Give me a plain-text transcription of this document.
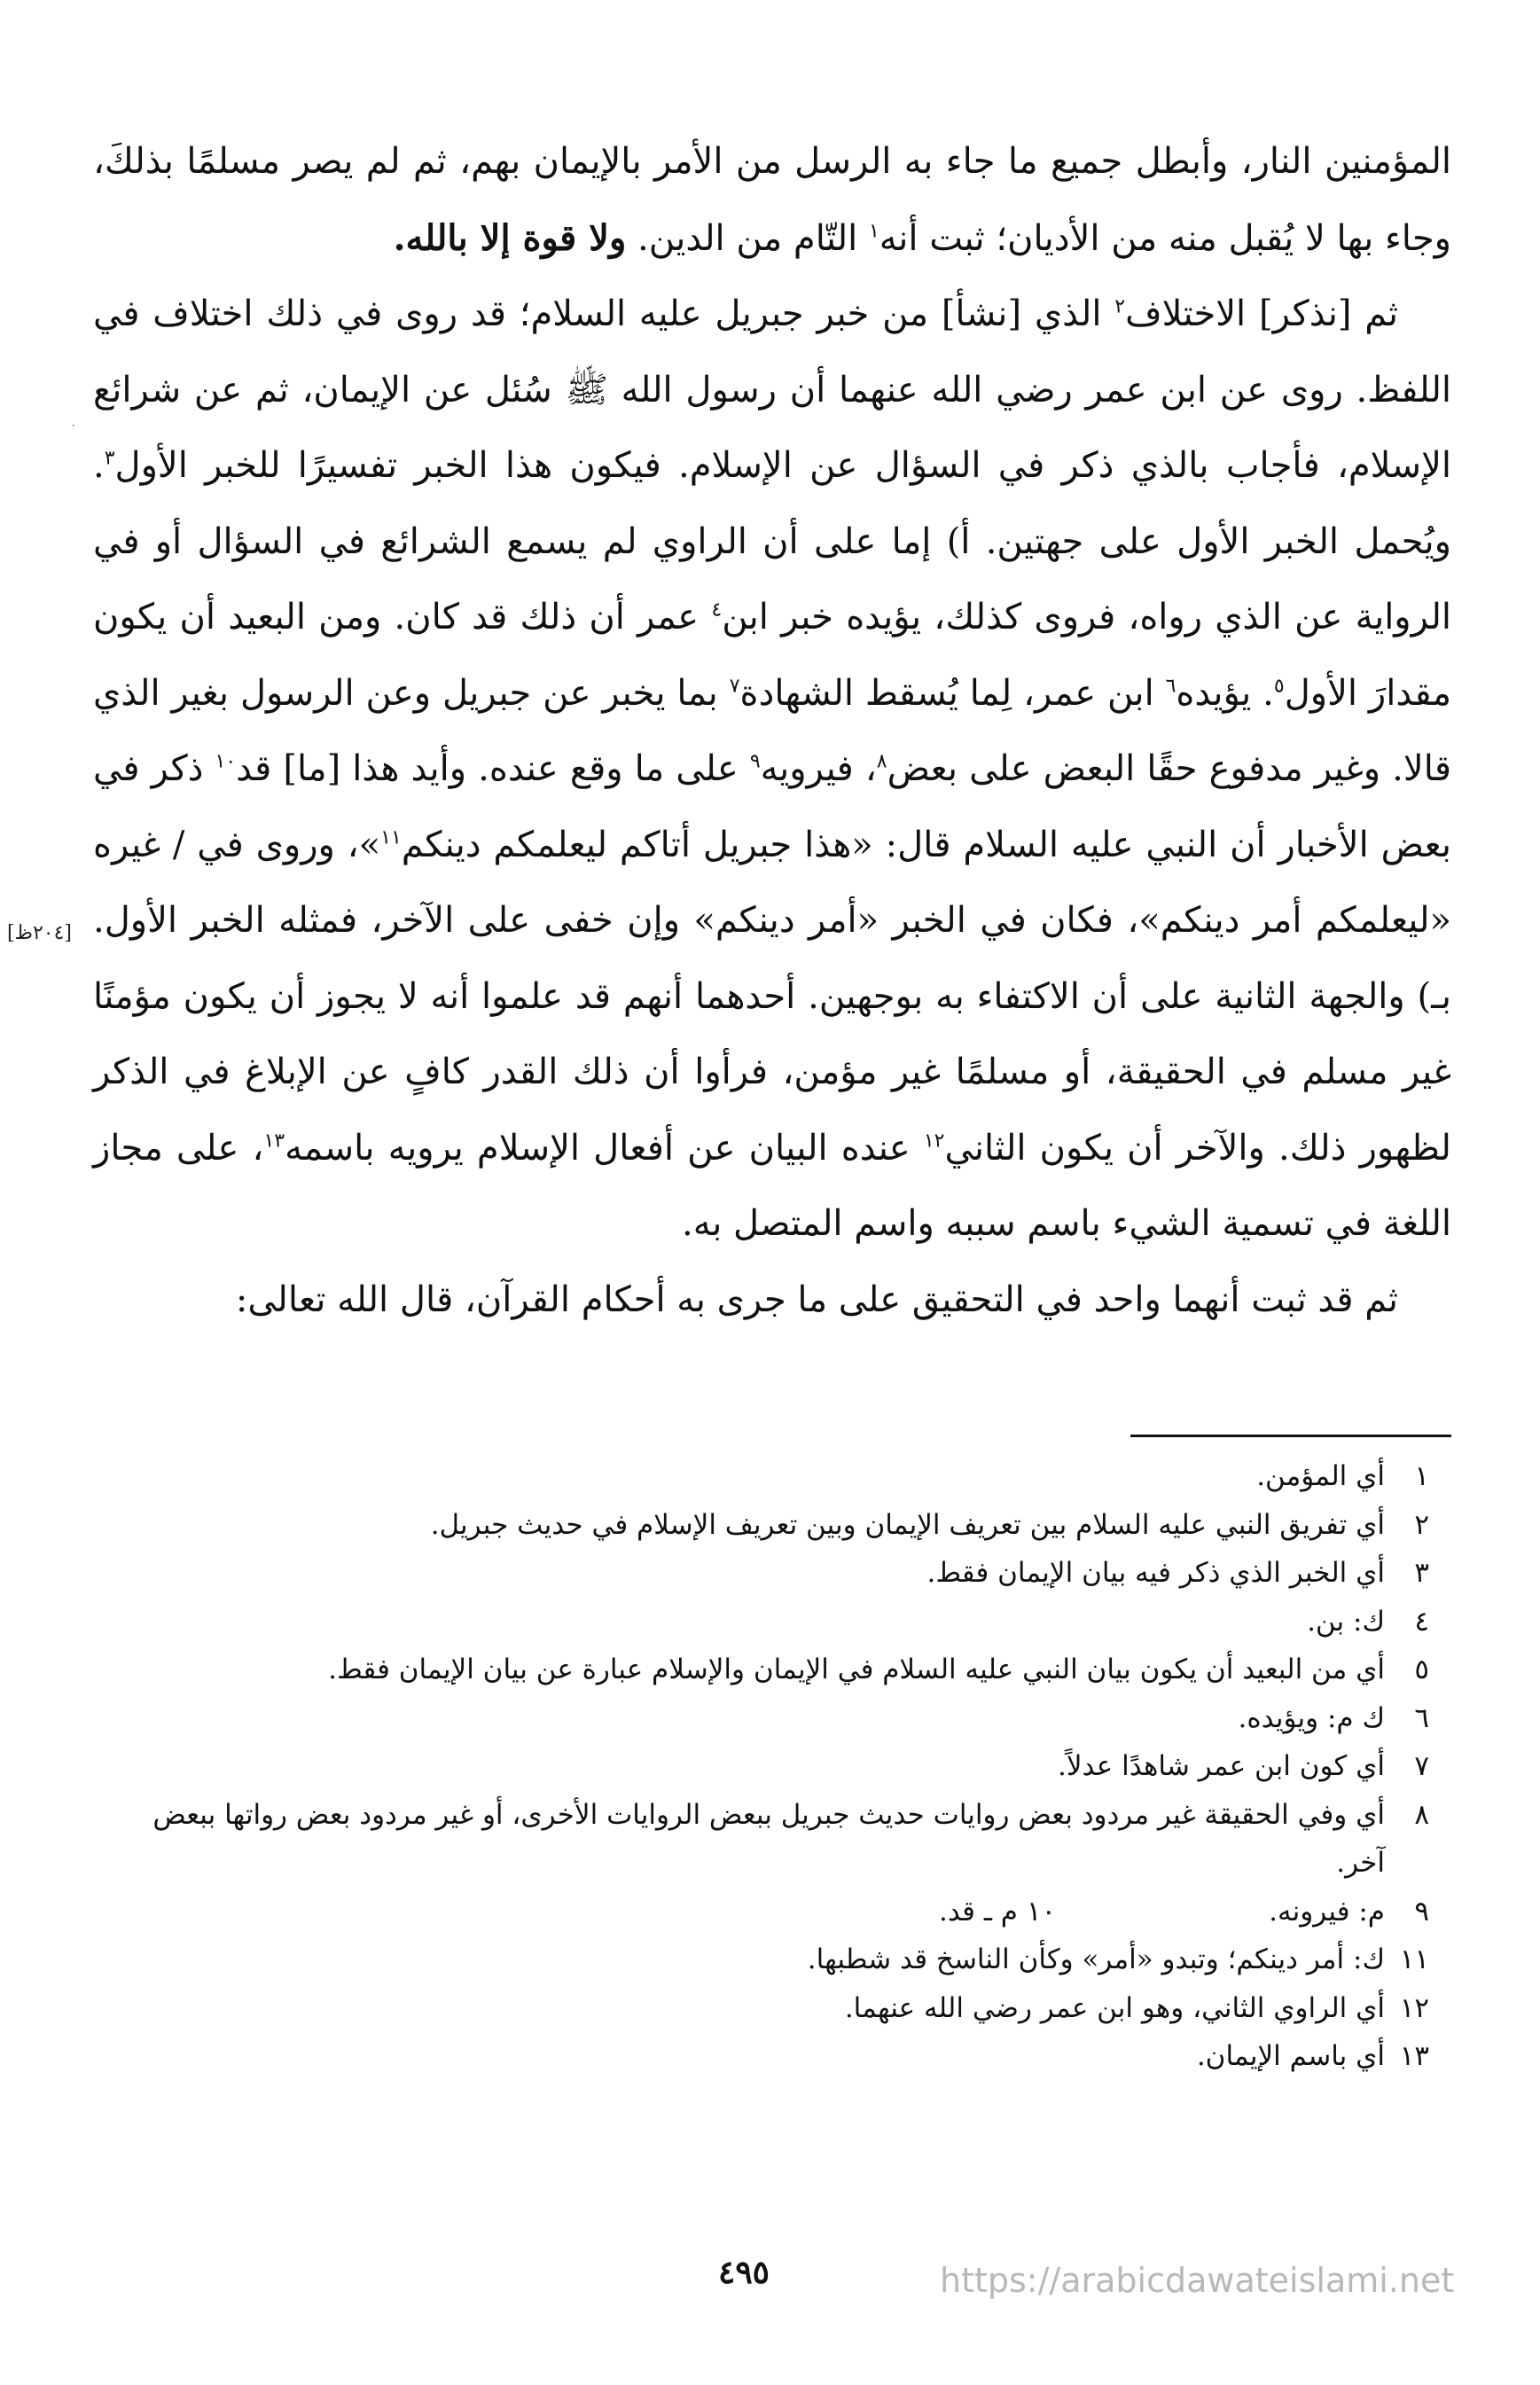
المؤمنين النار، وأبطل جميع ما جاء به الرسل من الأمر بالإيمان بهم، ثم لم يصر مسلمًا بذلكَ، وجاء بها لا يُقبل منه من الأديان؛ ثبت أنه$^١$ التّام من الدين. ولا قوة إلا بالله.

ثم [نذكر] الاختلاف$^٢$ الذي [نشأ] من خبر جبريل عليه السلام؛ قد روى في ذلك اختلاف في اللفظ. روى عن ابن عمر رضي الله عنهما أن رسول الله ﷺ سُئل عن الإيمان، ثم عن شرائع الإسلام، فأجاب بالذي ذكر في السؤال عن الإسلام. فيكون هذا الخبر تفسيرًا للخبر الأول$^٣$. ويُحمل الخبر الأول على جهتين. أ) إما على أن الراوي لم يسمع الشرائع في السؤال أو في الرواية عن الذي رواه، فروى كذلك، يؤيده خبر ابن$^٤$ عمر أن ذلك قد كان. ومن البعيد أن يكون مقدارَ الأول$^٥$. يؤيده$^٦$ ابن عمر، لِما يُسقط الشهادة$^٧$ بما يخبر عن جبريل وعن الرسول بغير الذي قالا. وغير مدفوع حقًا البعض على بعض$^٨$، فيرويه$^٩$ على ما وقع عنده. وأيد هذا [ما] قد$^{١٠}$ ذكر في بعض الأخبار أن النبي عليه السلام قال: «هذا جبريل أتاكم ليعلمكم دينكم$^{١١}$»، وروى في / غيره «ليعلمكم أمر دينكم»، فكان في الخبر «أمر دينكم» وإن خفى على الآخر، فمثله الخبر الأول. بـ) والجهة الثانية على أن الاكتفاء به بوجهين. أحدهما أنهم قد علموا أنه لا يجوز أن يكون مؤمنًا غير مسلم في الحقيقة، أو مسلمًا غير مؤمن، فرأوا أن ذلك القدر كافٍ عن الإبلاغ في الذكر لظهور ذلك. والآخر أن يكون الثاني$^{١٢}$ عنده البيان عن أفعال الإسلام يرويه باسمه$^{١٣}$، على مجاز اللغة في تسمية الشيء باسم سببه واسم المتصل به.

ثم قد ثبت أنهما واحد في التحقيق على ما جرى به أحكام القرآن، قال الله تعالى:

[٢٠٤ظ]
·
١
أي المؤمن.
٢
أي تفريق النبي عليه السلام بين تعريف الإيمان وبين تعريف الإسلام في حديث جبريل.
٣
أي الخبر الذي ذكر فيه بيان الإيمان فقط.
٤
ك: بن.
٥
أي من البعيد أن يكون بيان النبي عليه السلام في الإيمان والإسلام عبارة عن بيان الإيمان فقط.
٦
ك م: ويؤيده.
٧
أي كون ابن عمر شاهدًا عدلاً.
٨
أي وفي الحقيقة غير مردود بعض روايات حديث جبريل ببعض الروايات الأخرى، أو غير مردود بعض رواتها ببعض آخر.
٩
م: فيرونه.
١٠

م ـ قد.
١١
ك: أمر دينكم؛ وتبدو «أمر» وكأن الناسخ قد شطبها.
١٢
أي الراوي الثاني، وهو ابن عمر رضي الله عنهما.
١٣
أي باسم الإيمان.
٤٩٥	https://arabicdawateislami.net
